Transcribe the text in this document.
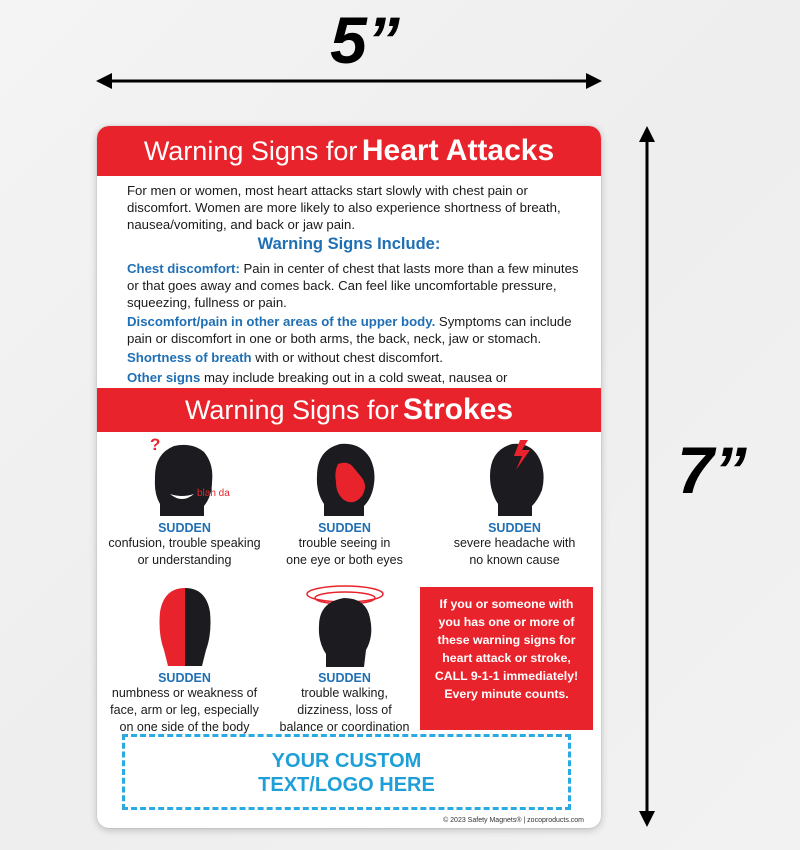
5”
7”
Warning Signs for Heart Attacks
For men or women, most heart attacks start slowly with chest pain or discomfort. Women are more likely to also experience shortness of breath, nausea/vomiting, and back or jaw pain.
Warning Signs Include:
Chest discomfort: Pain in center of chest that lasts more than a few minutes or that goes away and comes back. Can feel like uncomfortable pressure, squeezing, fullness or pain.
Discomfort/pain in other areas of the upper body. Symptoms can include pain or discomfort in one or both arms, the back, neck, jaw or stomach.
Shortness of breath with or without chest discomfort.
Other signs may include breaking out in a cold sweat, nausea or
Warning Signs for Strokes
?
blah da
SUDDEN
confusion, trouble speaking
or understanding
SUDDEN
trouble seeing in
one eye or both eyes
SUDDEN
severe headache with
no known cause
SUDDEN
numbness or weakness of
face, arm or leg, especially
on one side of the body
SUDDEN
trouble walking,
dizziness, loss of
balance or coordination
If you or someone with
you has one or more of
these warning signs for
heart attack or stroke,
CALL 9-1-1 immediately!
Every minute counts.
YOUR CUSTOM
TEXT/LOGO HERE
© 2023 Safety Magnets® | zocoproducts.com
